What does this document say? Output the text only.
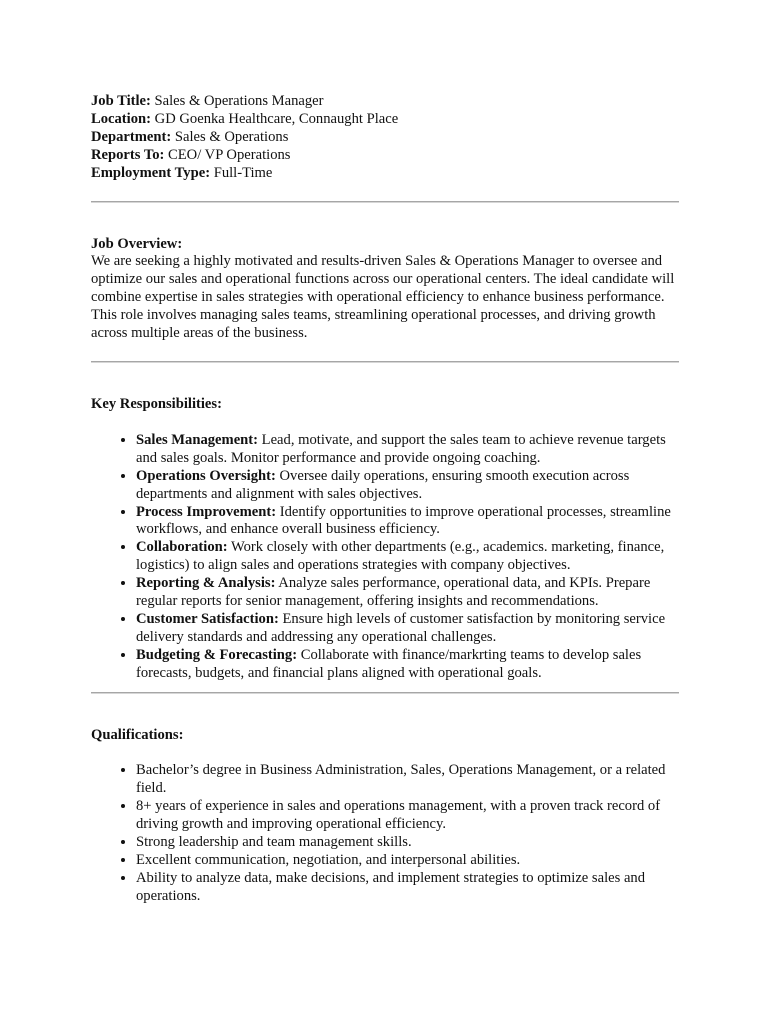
Job Title: Sales & Operations Manager

Location: GD Goenka Healthcare, Connaught Place

Department: Sales & Operations

Reports To: CEO/ VP Operations

Employment Type: Full-Time

Job Overview:

We are seeking a highly motivated and results-driven Sales & Operations Manager to oversee and optimize our sales and operational functions across our operational centers. The ideal candidate will combine expertise in sales strategies with operational efficiency to enhance business performance. This role involves managing sales teams, streamlining operational processes, and driving growth across multiple areas of the business.

Key Responsibilities:

• Sales Management: Lead, motivate, and support the sales team to achieve revenue targets and sales goals. Monitor performance and provide ongoing coaching.
• Operations Oversight: Oversee daily operations, ensuring smooth execution across departments and alignment with sales objectives.
• Process Improvement: Identify opportunities to improve operational processes, streamline workflows, and enhance overall business efficiency.
• Collaboration: Work closely with other departments (e.g., academics. marketing, finance, logistics) to align sales and operations strategies with company objectives.
• Reporting & Analysis: Analyze sales performance, operational data, and KPIs. Prepare regular reports for senior management, offering insights and recommendations.
• Customer Satisfaction: Ensure high levels of customer satisfaction by monitoring service delivery standards and addressing any operational challenges.
• Budgeting & Forecasting: Collaborate with finance/markrting teams to develop sales forecasts, budgets, and financial plans aligned with operational goals.

Qualifications:

• Bachelor’s degree in Business Administration, Sales, Operations Management, or a related field.
• 8+ years of experience in sales and operations management, with a proven track record of driving growth and improving operational efficiency.
• Strong leadership and team management skills.
• Excellent communication, negotiation, and interpersonal abilities.
• Ability to analyze data, make decisions, and implement strategies to optimize sales and operations.
